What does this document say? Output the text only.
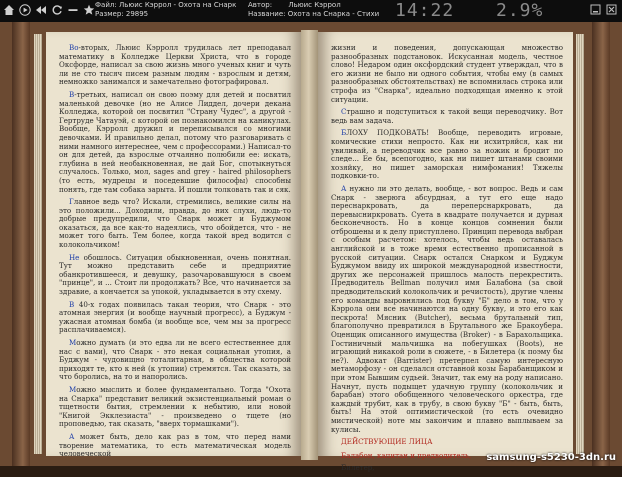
Файл: Льюис Кэррол - Охота на Снарк
Размер: 29895
Автор: Льюис Кэррол
Название: Охота на Снарка - Стихи 14:22 2.9%

Во-вторых, Льюис Кэрролл трудилась лет преподавал математику в Колледже Церкви Христа, что в городе Оксфорде, написал за свою жизнь много ученых книг и чуть ли не сто тысяч писем разным людям - взрослым и детям, немножко занимался и замечательно фотографировал.

В-третьих, написал он свою поэму для детей и посвятил маленькой девочке (но не Алисе Лиддел, дочери декана Колледжа, которой он посвятил "Страну Чудес", а другой - Гертруде Чатауэй, с которой он познакомился на каникулах. Вообще, Кэрролл дружил и переписывался со многими девочками. И правильно делал, потому что разговаривать с ними намного интереснее, чем с профессорами.) Написал-то он для детей, да взрослые отчаянно полюбили ее: искать, глубина в ней необыкновенная, не дай Бог, спотыкнуться случалось. Только, мол, sages and grey - haired philosophers (то есть, мудрецы и поседевшие философы) способны понять, где там собака зарыта. И пошли толковать так и сяк.

Главное ведь что? Искали, стремились, великие силы на это положили... Доходили, правда, до них слухи, людь-то добрые предупредили, что Снарк может и Буджумом оказаться, да все как-то надеялись, что обойдется, что - не может того быть. Тем более, когда такой вред водится с колокольчиком!

Не обошлось. Ситуация обыкновенная, очень понятная. Тут можно представить себе и предприятие обанкротившееся, и девушку, разочаровавшуюся в своем "принце", и ... Стоит ли продолжать? Все, что начинается за здравие, а кончается за упокой, укладывается в эту схему.

В 40-х годах появилась такая теория, что Снарк - это атомная энергия (и вообще научный прогресс), а Буджум - ужасная атомная бомба (и вообще все, чем мы за прогресс расплачиваемся).

Можно думать (и это едва ли не всего естественнее для нас с вами), что Снарк - это некая социальная утопия, а Буджум - чудовищно тоталитарная, в общества которой приходят те, кто к ней (к утопии) стремятся. Так сказать, за что боролись, на то и напоролись.

Можно мыслить и более фундаментально. Тогда "Охота на Снарка" представит великий экзистенциальный роман о тщетности бытия, стремлении к небытию, или новой "Книгой Экклезиаста" - произведено о тщете (но проповедью, так сказать, "вверх тормашками").

А может быть, дело как раз в том, что перед нами творение математика, то есть математическая модель человеческой

жизни и поведения, допускающая множество разнообразных подстановок. Искусанная модель, честное слово! Недаром один оксфордский студент утверждал, что в его жизни не было ни одного события, чтобы ему (в самых разнообразных обстоятельствах) не вспомнилась строка или строфа из "Снарка", идеально подходящая именно к этой ситуации.

Страшно и подступиться к такой вещи переводчику. Вот ведь вам задача.

БЛОХУ ПОДКОВАТЬ! Вообще, переводить игровые, комические стихи непросто. Как ни исхитряйся, как ни увиливай, а переводчик все равно за ножик и бродит по следе... Ее бы, всепогодно, как ни пишет штанами своими хозяйку, но пишет заморская нимфомания! Тяжелы подковки-то.

А нужно ли это делать, вообще, - вот вопрос. Ведь и сам Снарк - зверюга абсурдная, а тут его еще надо переснаркровать, да переперснаркровать, да перевысниркровать. Суета в квадрате получается и дурная бесконечность. Но в конце концов сомнения были отброшены и к делу приступлено. Принцип перевода выбран с особым расчетом: хотелось, чтобы ведь оставалась английской и в тоже время естественно прописанной в русской ситуации. Снарк остался Снарком и Буджум Буджумом ввиду их широкой международной известности, других же персонажей пришлось малость перекрестить. Предводитель Bellman получил имя Балабона (за свой предводительский колокольчик и речистость), другие члены его команды выровнялись под букву "Б" дело в том, что у Кэррола они все начинаются на одну букву, и это его как пескрота! Мясник (Butcher), весьма брутальный тип, благополучно превратился в Брутального же Бракоубера. Оценщик описанного имущества (Broker) - в Барахольщика. Гостиничный мальчишка на побегушках (Boots), не играющий никакой роли в сюжете, - в Билетера (к поэму бы не?). Адвокат (Barrister) претерпел самую интересную метаморфозу - он сделался отставной козы Барабанщиком и при этом Бывшим судьей. Значит, так ему на роду написано. Начнут, пусть подыщет удачную группу (колокольчик и барабан) этого обобщенного человеческого оркестра, где каждый трубит, как в трубу, в свою букву "Б" - быть, быть, быть! На этой оптимистической (то есть очевидно мистической) ноте мы закончим и плавно выплываем за кулисы.

ДЕЙСТВУЮЩИЕ ЛИЦА

Балабон, капитан и предводитель,

Билетер,

samsung-s5230-3dn.ru
